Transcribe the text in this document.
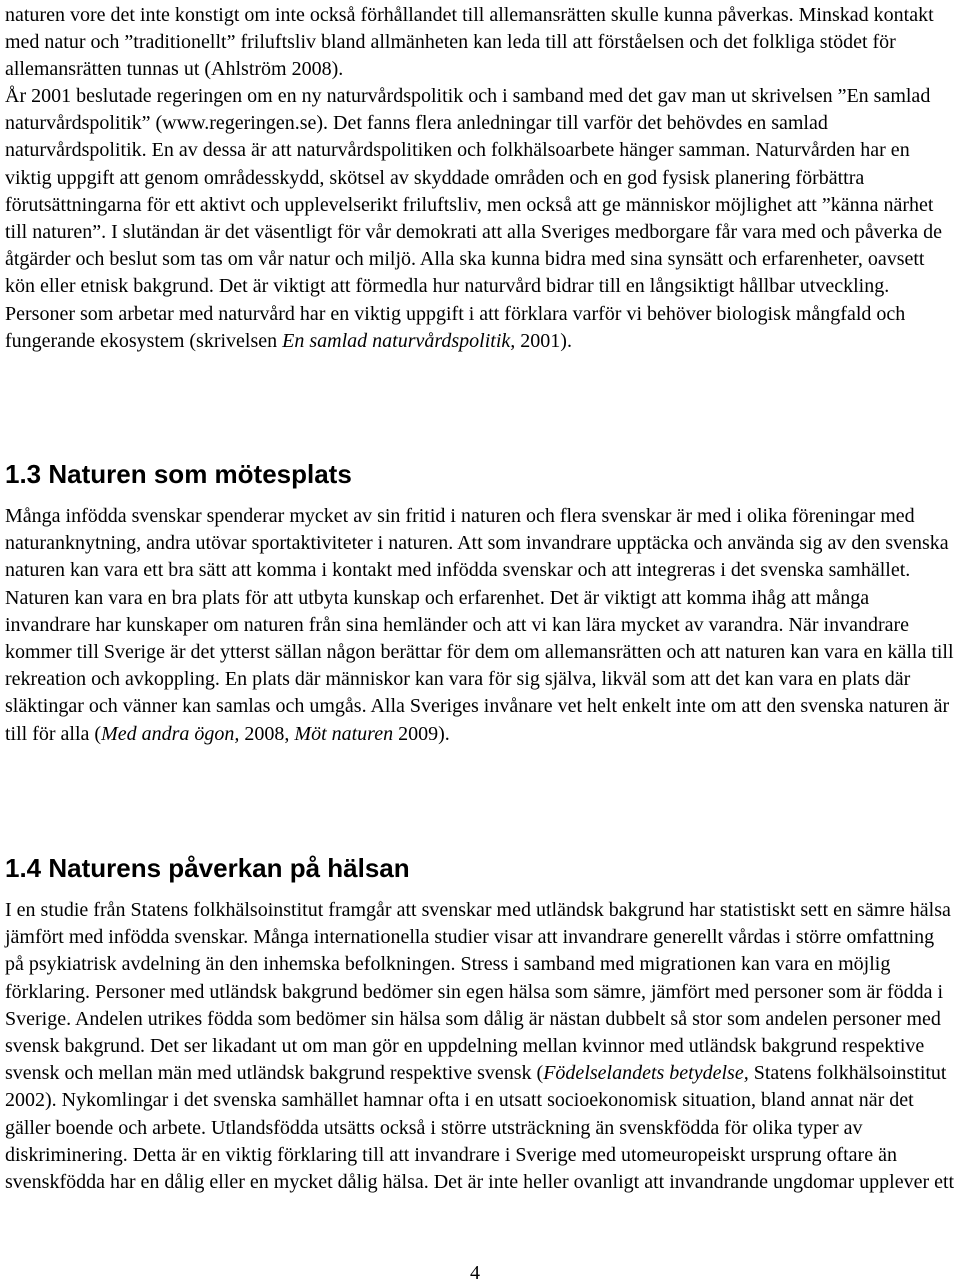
naturen vore det inte konstigt om inte också förhållandet till allemansrätten skulle kunna påverkas. Minskad kontakt med natur och ”traditionellt” friluftsliv bland allmänheten kan leda till att förståelsen och det folkliga stödet för allemansrätten tunnas ut (Ahlström 2008).

År 2001 beslutade regeringen om en ny naturvårdspolitik och i samband med det gav man ut skrivelsen ”En samlad naturvårdspolitik” (www.regeringen.se). Det fanns flera anledningar till varför det behövdes en samlad naturvårdspolitik. En av dessa är att naturvårdspolitiken och folkhälsoarbete hänger samman. Naturvården har en viktig uppgift att genom områdesskydd, skötsel av skyddade områden och en god fysisk planering förbättra förutsättningarna för ett aktivt och upplevelserikt friluftsliv, men också att ge människor möjlighet att ”känna närhet till naturen”. I slutändan är det väsentligt för vår demokrati att alla Sveriges medborgare får vara med och påverka de åtgärder och beslut som tas om vår natur och miljö. Alla ska kunna bidra med sina synsätt och erfarenheter, oavsett kön eller etnisk bakgrund. Det är viktigt att förmedla hur naturvård bidrar till en långsiktigt hållbar utveckling. Personer som arbetar med naturvård har en viktig uppgift i att förklara varför vi behöver biologisk mångfald och fungerande ekosystem (skrivelsen En samlad naturvårdspolitik, 2001).

1.3 Naturen som mötesplats

Många infödda svenskar spenderar mycket av sin fritid i naturen och flera svenskar är med i olika föreningar med naturanknytning, andra utövar sportaktiviteter i naturen. Att som invandrare upptäcka och använda sig av den svenska naturen kan vara ett bra sätt att komma i kontakt med infödda svenskar och att integreras i det svenska samhället. Naturen kan vara en bra plats för att utbyta kunskap och erfarenhet. Det är viktigt att komma ihåg att många invandrare har kunskaper om naturen från sina hemländer och att vi kan lära mycket av varandra. När invandrare kommer till Sverige är det ytterst sällan någon berättar för dem om allemansrätten och att naturen kan vara en källa till rekreation och avkoppling. En plats där människor kan vara för sig själva, likväl som att det kan vara en plats där släktingar och vänner kan samlas och umgås. Alla Sveriges invånare vet helt enkelt inte om att den svenska naturen är till för alla (Med andra ögon, 2008, Möt naturen 2009).

1.4 Naturens påverkan på hälsan

I en studie från Statens folkhälsoinstitut framgår att svenskar med utländsk bakgrund har statistiskt sett en sämre hälsa jämfört med infödda svenskar. Många internationella studier visar att invandrare generellt vårdas i större omfattning på psykiatrisk avdelning än den inhemska befolkningen. Stress i samband med migrationen kan vara en möjlig förklaring. Personer med utländsk bakgrund bedömer sin egen hälsa som sämre, jämfört med personer som är födda i Sverige. Andelen utrikes födda som bedömer sin hälsa som dålig är nästan dubbelt så stor som andelen personer med svensk bakgrund. Det ser likadant ut om man gör en uppdelning mellan kvinnor med utländsk bakgrund respektive svensk och mellan män med utländsk bakgrund respektive svensk (Födelselandets betydelse, Statens folkhälsoinstitut 2002). Nykomlingar i det svenska samhället hamnar ofta i en utsatt socioekonomisk situation, bland annat när det gäller boende och arbete. Utlandsfödda utsätts också i större utsträckning än svenskfödda för olika typer av diskriminering. Detta är en viktig förklaring till att invandrare i Sverige med utomeuropeiskt ursprung oftare än svenskfödda har en dålig eller en mycket dålig hälsa. Det är inte heller ovanligt att invandrande ungdomar upplever ett

4
